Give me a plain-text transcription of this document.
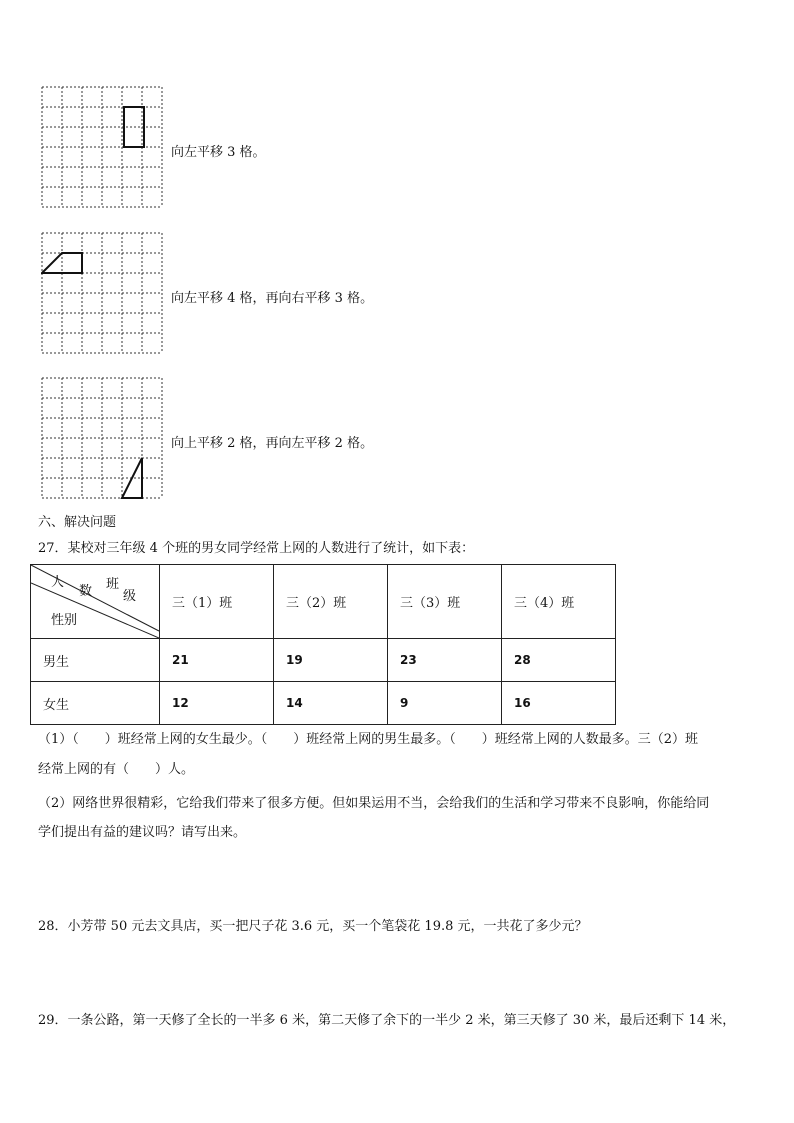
向左平移 3 格。
向左平移 4 格，再向右平移 3 格。
向上平移 2 格，再向左平移 2 格。
六、解决问题
27．某校对三年级 4 个班的男女同学经常上网的人数进行了统计，如下表：
班
级
人
数
性别	三（1）班	三（2）班	三（3）班	三（4）班
男生	21	19	23	28
女生	12	14	9	16
（1）（　　）班经常上网的女生最少。（　　）班经常上网的男生最多。（　　）班经常上网的人数最多。三（2）班
经常上网的有（　　）人。
（2）网络世界很精彩，它给我们带来了很多方便。但如果运用不当，会给我们的生活和学习带来不良影响，你能给同
学们提出有益的建议吗？请写出来。
28．小芳带 50 元去文具店，买一把尺子花 3.6 元，买一个笔袋花 19.8 元，一共花了多少元？
29．一条公路，第一天修了全长的一半多 6 米，第二天修了余下的一半少 2 米，第三天修了 30 米，最后还剩下 14 米，
